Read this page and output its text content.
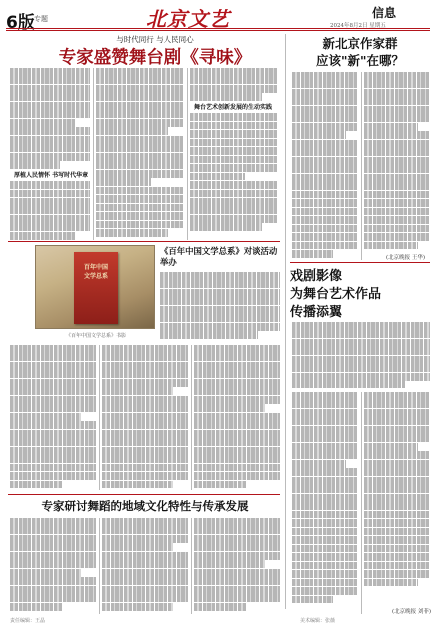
6版 专题	北京文艺	信息
2024年8月2日 星期五
与时代同行 与人民同心
专家盛赞舞台剧《寻味》
厚植人民情怀 书写时代华章
舞台艺术创新发展的生动实践
百年中国
文学总系
《百年中国文学总系》书影
《百年中国文学总系》对谈活动举办
专家研讨舞蹈的地域文化特性与传承发展
新北京作家群
应该"新"在哪？
(北京晚报 王华)
戏剧影像
为舞台艺术作品
传播添翼
(北京晚报 刘菲)
责任编辑：王晶	美术编辑：张薇
